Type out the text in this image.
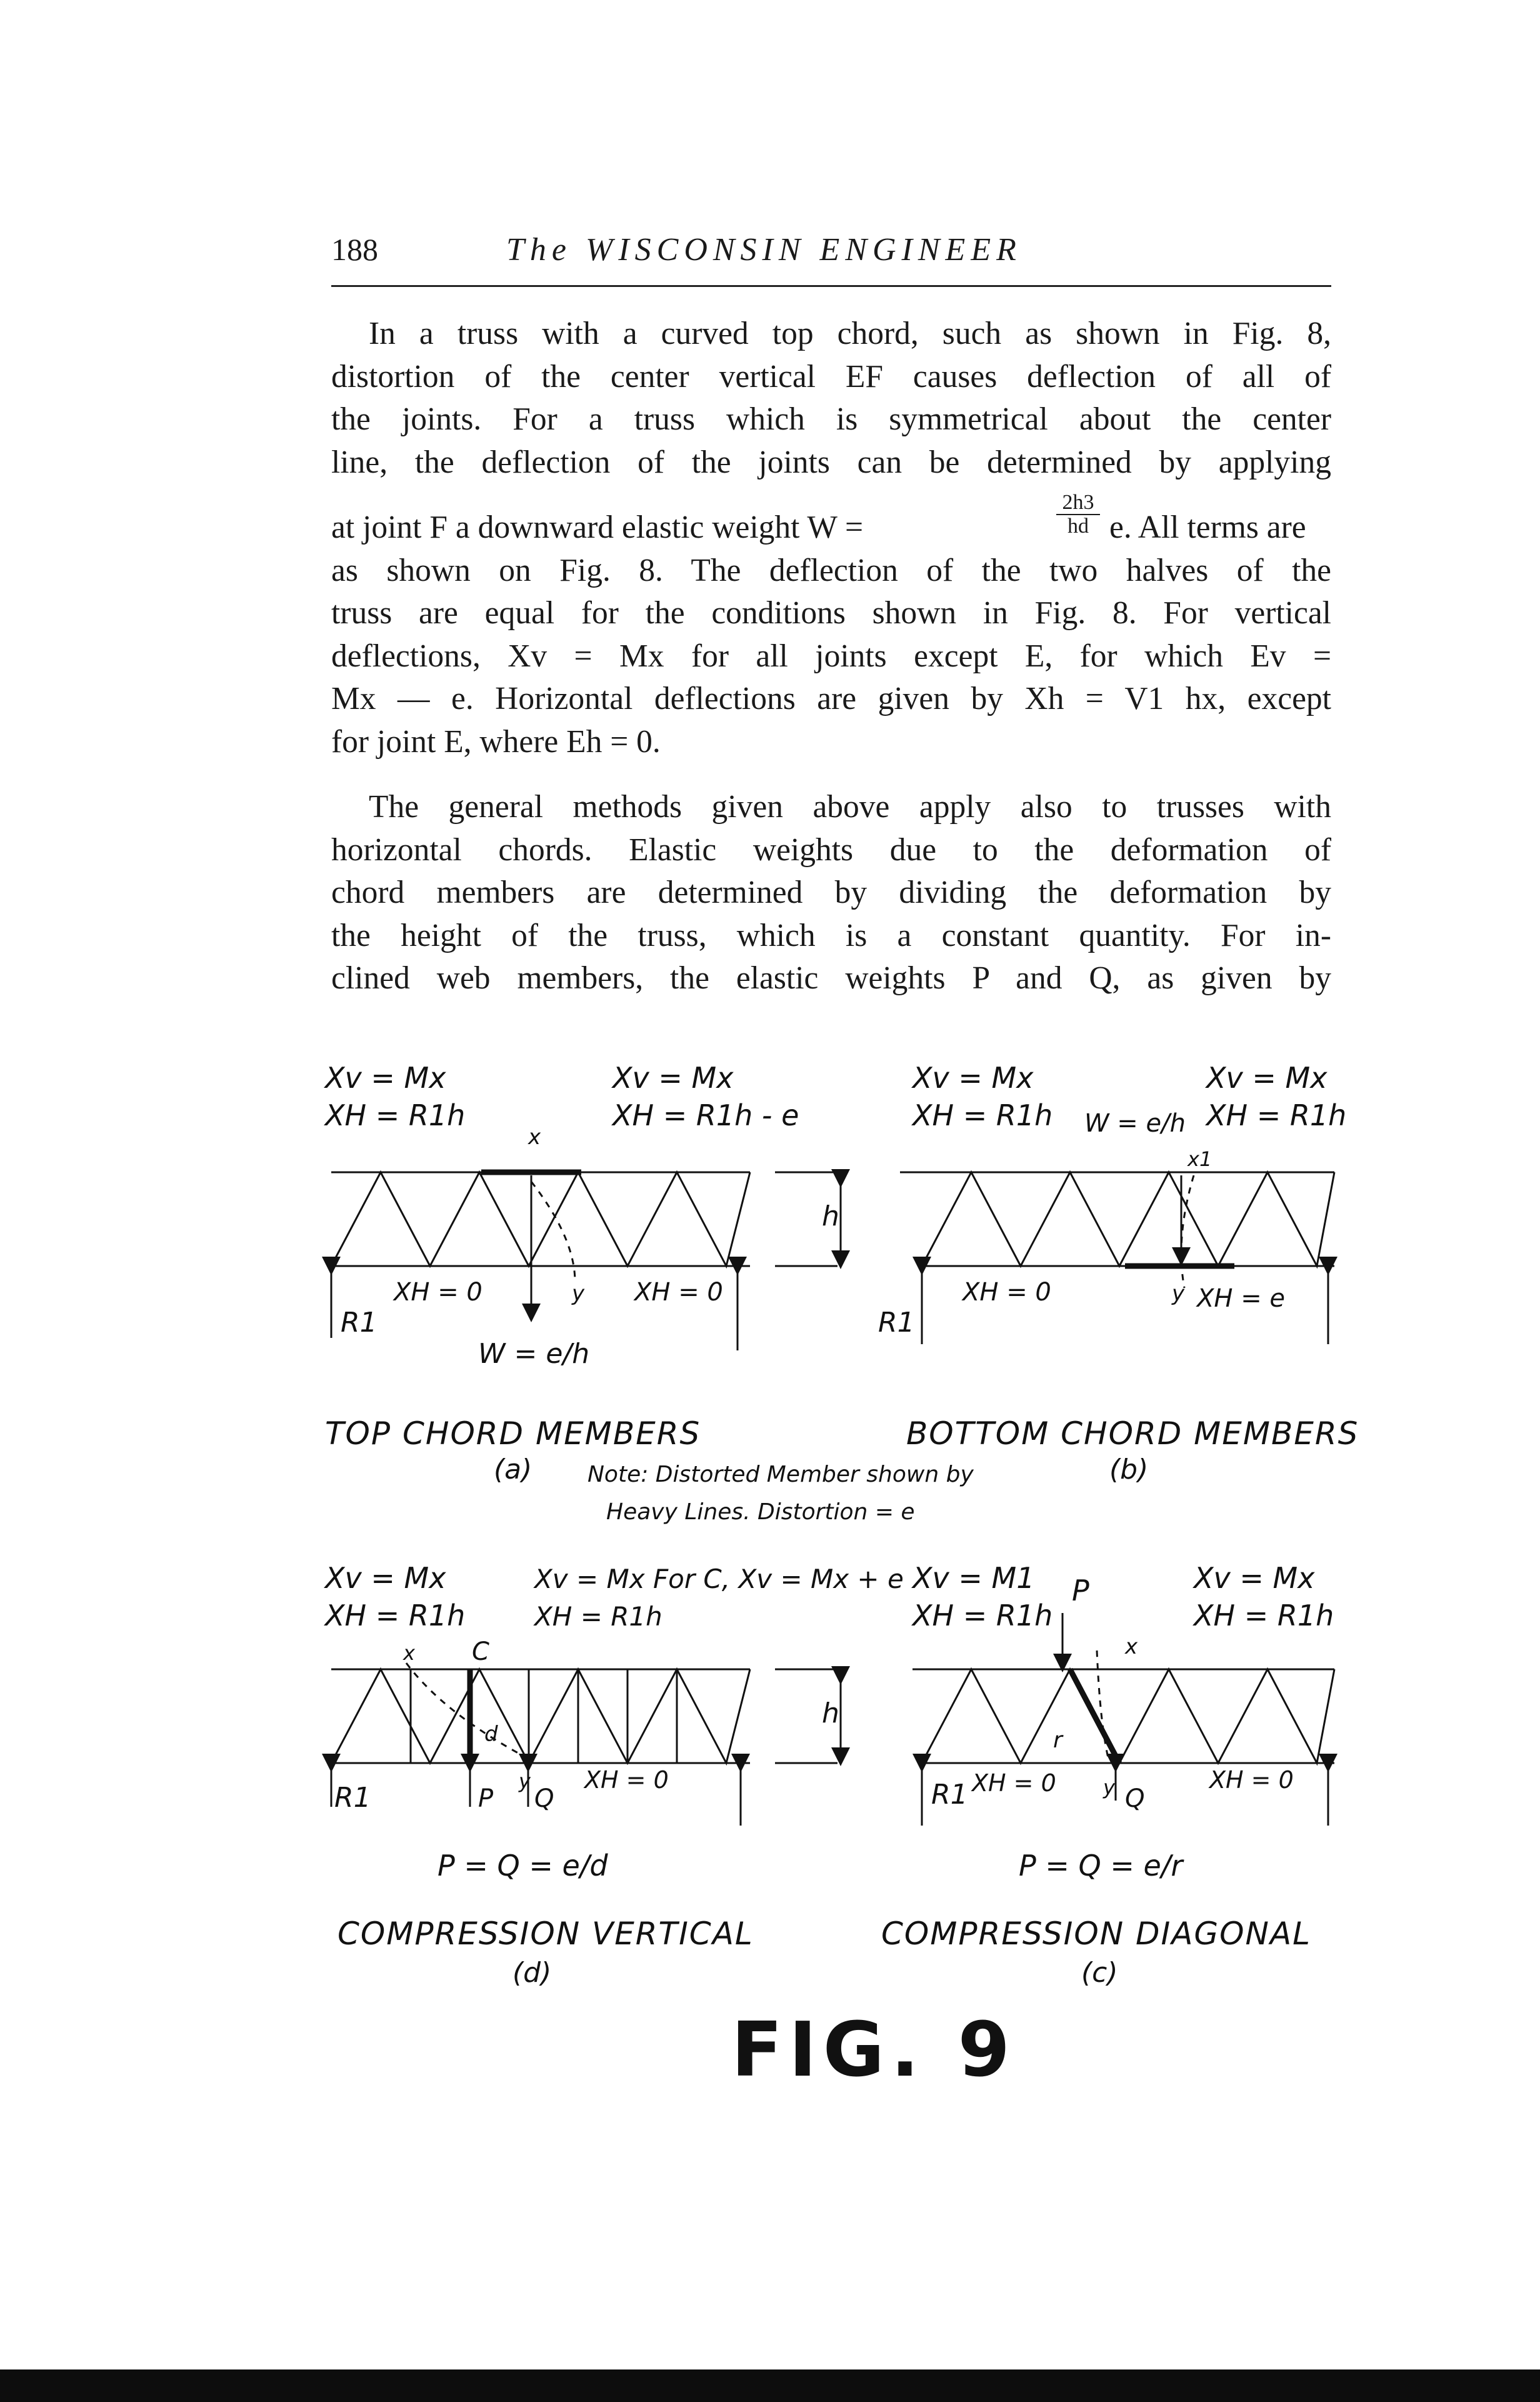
188	The WISCONSIN ENGINEER

In a truss with a curved top chord, such as shown in Fig. 8,

distortion of the center vertical EF causes deflection of all of

the joints. For a truss which is symmetrical about the center

line, the deflection of the joints can be determined by applying

at joint F a downward elastic weight W =	$\frac{2h3}{hd} e$. All terms are

as shown on Fig. 8. The deflection of the two halves of the

truss are equal for the conditions shown in Fig. 8. For vertical

deflections, Xv = Mx for all joints except E, for which Ev =

Mx — e. Horizontal deflections are given by Xh = V1 hx, except

for joint E, where Eh = 0.

The general methods given above apply also to trusses with

horizontal chords. Elastic weights due to the deformation of

chord members are determined by dividing the deformation by

the height of the truss, which is a constant quantity. For in-

clined web members, the elastic weights P and Q, as given by

Xv = Mx
XH = R1h
Xv = Mx
XH = R1h - e
x
y
XH = 0	XH = 0
R1
W = e/h
h
TOP CHORD MEMBERS
(a) Note: Distorted Member shown by
Heavy Lines. Distortion = e
Xv = Mx
XH = R1h W = e/h
Xv = Mx
XH = R1h
x1
y
XH = 0	XH = e
R1
BOTTOM CHORD MEMBERS
(b)
Xv = Mx
XH = R1h
Xv = Mx For C, Xv = Mx + e
XH = R1h
C
x
d
y
P Q
XH = 0
R1
h
P = Q = e/d
COMPRESSION VERTICAL
(d)
Xv = M1
XH = R1h
P	Xv = Mx
XH = R1h
x
r
y
XH = 0
Q
XH = 0
R1
P = Q = e/r
COMPRESSION DIAGONAL
(c)
FIG. 9
